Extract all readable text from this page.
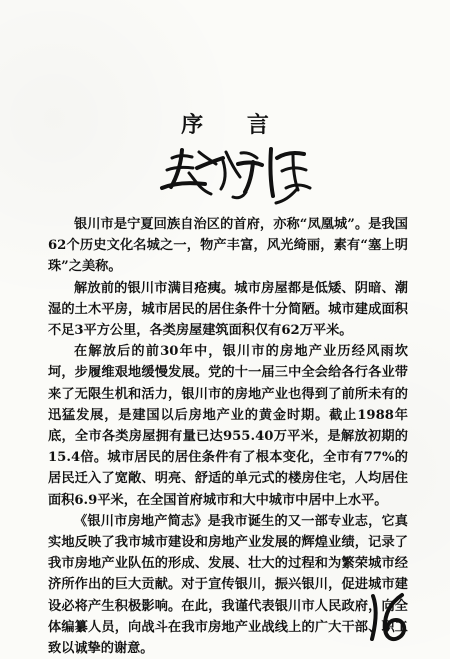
序 言

银川市是宁夏回族自治区的首府，亦称“凤凰城”。是我国62个历史文化名城之一，物产丰富，风光绮丽，素有“塞上明珠”之美称。

解放前的银川市满目疮痍。城市房屋都是低矮、阴暗、潮湿的土木平房，城市居民的居住条件十分简陋。城市建成面积不足3平方公里，各类房屋建筑面积仅有62万平米。

在解放后的前30年中，银川市的房地产业历经风雨坎坷，步履维艰地缓慢发展。党的十一届三中全会给各行各业带来了无限生机和活力，银川市的房地产业也得到了前所未有的迅猛发展，是建国以后房地产业的黄金时期。截止1988年底，全市各类房屋拥有量已达955.40万平米，是解放初期的15.4倍。城市居民的居住条件有了根本变化，全市有77%的居民迁入了宽敞、明亮、舒适的单元式的楼房住宅，人均居住面积6.9平米，在全国首府城市和大中城市中居中上水平。

《银川市房地产简志》是我市诞生的又一部专业志，它真实地反映了我市城市建设和房地产业发展的辉煌业绩，记录了我市房地产业队伍的形成、发展、壮大的过程和为繁荣城市经济所作出的巨大贡献。对于宣传银川，振兴银川，促进城市建设必将产生积极影响。在此，我谨代表银川市人民政府，向全体编纂人员，向战斗在我市房地产业战线上的广大干部、职工致以诚挚的谢意。
